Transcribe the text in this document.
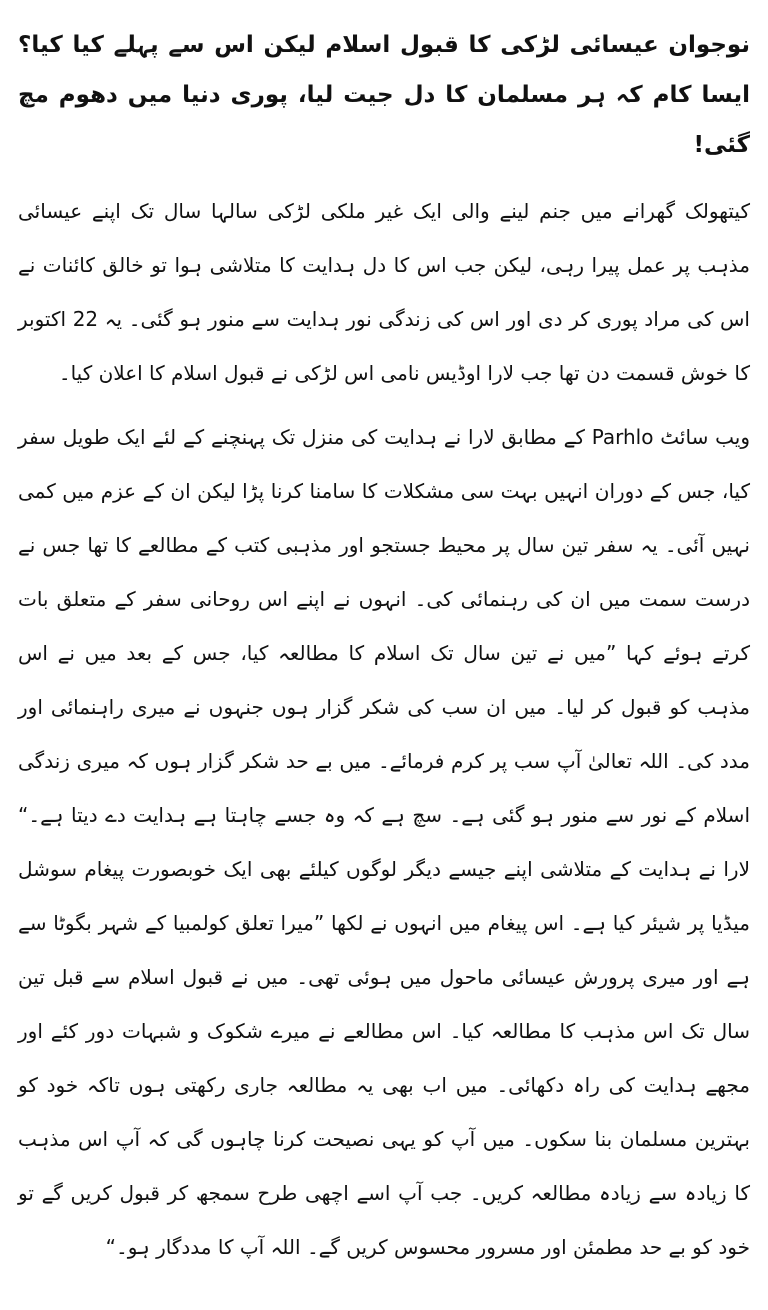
نوجوان عیسائی لڑکی کا قبول اسلام لیکن اس سے پہلے کیا کیا؟ ایسا کام کہ ہر مسلمان کا دل جیت لیا، پوری دنیا میں دھوم مچ گئی!

کیتھولک گھرانے میں جنم لینے والی ایک غیر ملکی لڑکی سالہا سال تک اپنے عیسائی مذہب پر عمل پیرا رہی، لیکن جب اس کا دل ہدایت کا متلاشی ہوا تو خالق کائنات نے اس کی مراد پوری کر دی اور اس کی زندگی نور ہدایت سے منور ہو گئی۔ یہ 22 اکتوبر کا خوش قسمت دن تھا جب لارا اوڈیس نامی اس لڑکی نے قبول اسلام کا اعلان کیا۔

ویب سائٹ Parhlo کے مطابق لارا نے ہدایت کی منزل تک پہنچنے کے لئے ایک طویل سفر کیا، جس کے دوران انہیں بہت سی مشکلات کا سامنا کرنا پڑا لیکن ان کے عزم میں کمی نہیں آئی۔ یہ سفر تین سال پر محیط جستجو اور مذہبی کتب کے مطالعے کا تھا جس نے درست سمت میں ان کی رہنمائی کی۔ انہوں نے اپنے اس روحانی سفر کے متعلق بات کرتے ہوئے کہا ”میں نے تین سال تک اسلام کا مطالعہ کیا، جس کے بعد میں نے اس مذہب کو قبول کر لیا۔ میں ان سب کی شکر گزار ہوں جنہوں نے میری راہنمائی اور مدد کی۔ اللہ تعالیٰ آپ سب پر کرم فرمائے۔ میں بے حد شکر گزار ہوں کہ میری زندگی اسلام کے نور سے منور ہو گئی ہے۔ سچ ہے کہ وہ جسے چاہتا ہے ہدایت دے دیتا ہے۔“ لارا نے ہدایت کے متلاشی اپنے جیسے دیگر لوگوں کیلئے بھی ایک خوبصورت پیغام سوشل میڈیا پر شیئر کیا ہے۔ اس پیغام میں انہوں نے لکھا ”میرا تعلق کولمبیا کے شہر بگوٹا سے ہے اور میری پرورش عیسائی ماحول میں ہوئی تھی۔ میں نے قبول اسلام سے قبل تین سال تک اس مذہب کا مطالعہ کیا۔ اس مطالعے نے میرے شکوک و شبہات دور کئے اور مجھے ہدایت کی راہ دکھائی۔ میں اب بھی یہ مطالعہ جاری رکھتی ہوں تاکہ خود کو بہترین مسلمان بنا سکوں۔ میں آپ کو یہی نصیحت کرنا چاہوں گی کہ آپ اس مذہب کا زیادہ سے زیادہ مطالعہ کریں۔ جب آپ اسے اچھی طرح سمجھ کر قبول کریں گے تو خود کو بے حد مطمئن اور مسرور محسوس کریں گے۔ اللہ آپ کا مددگار ہو۔“
